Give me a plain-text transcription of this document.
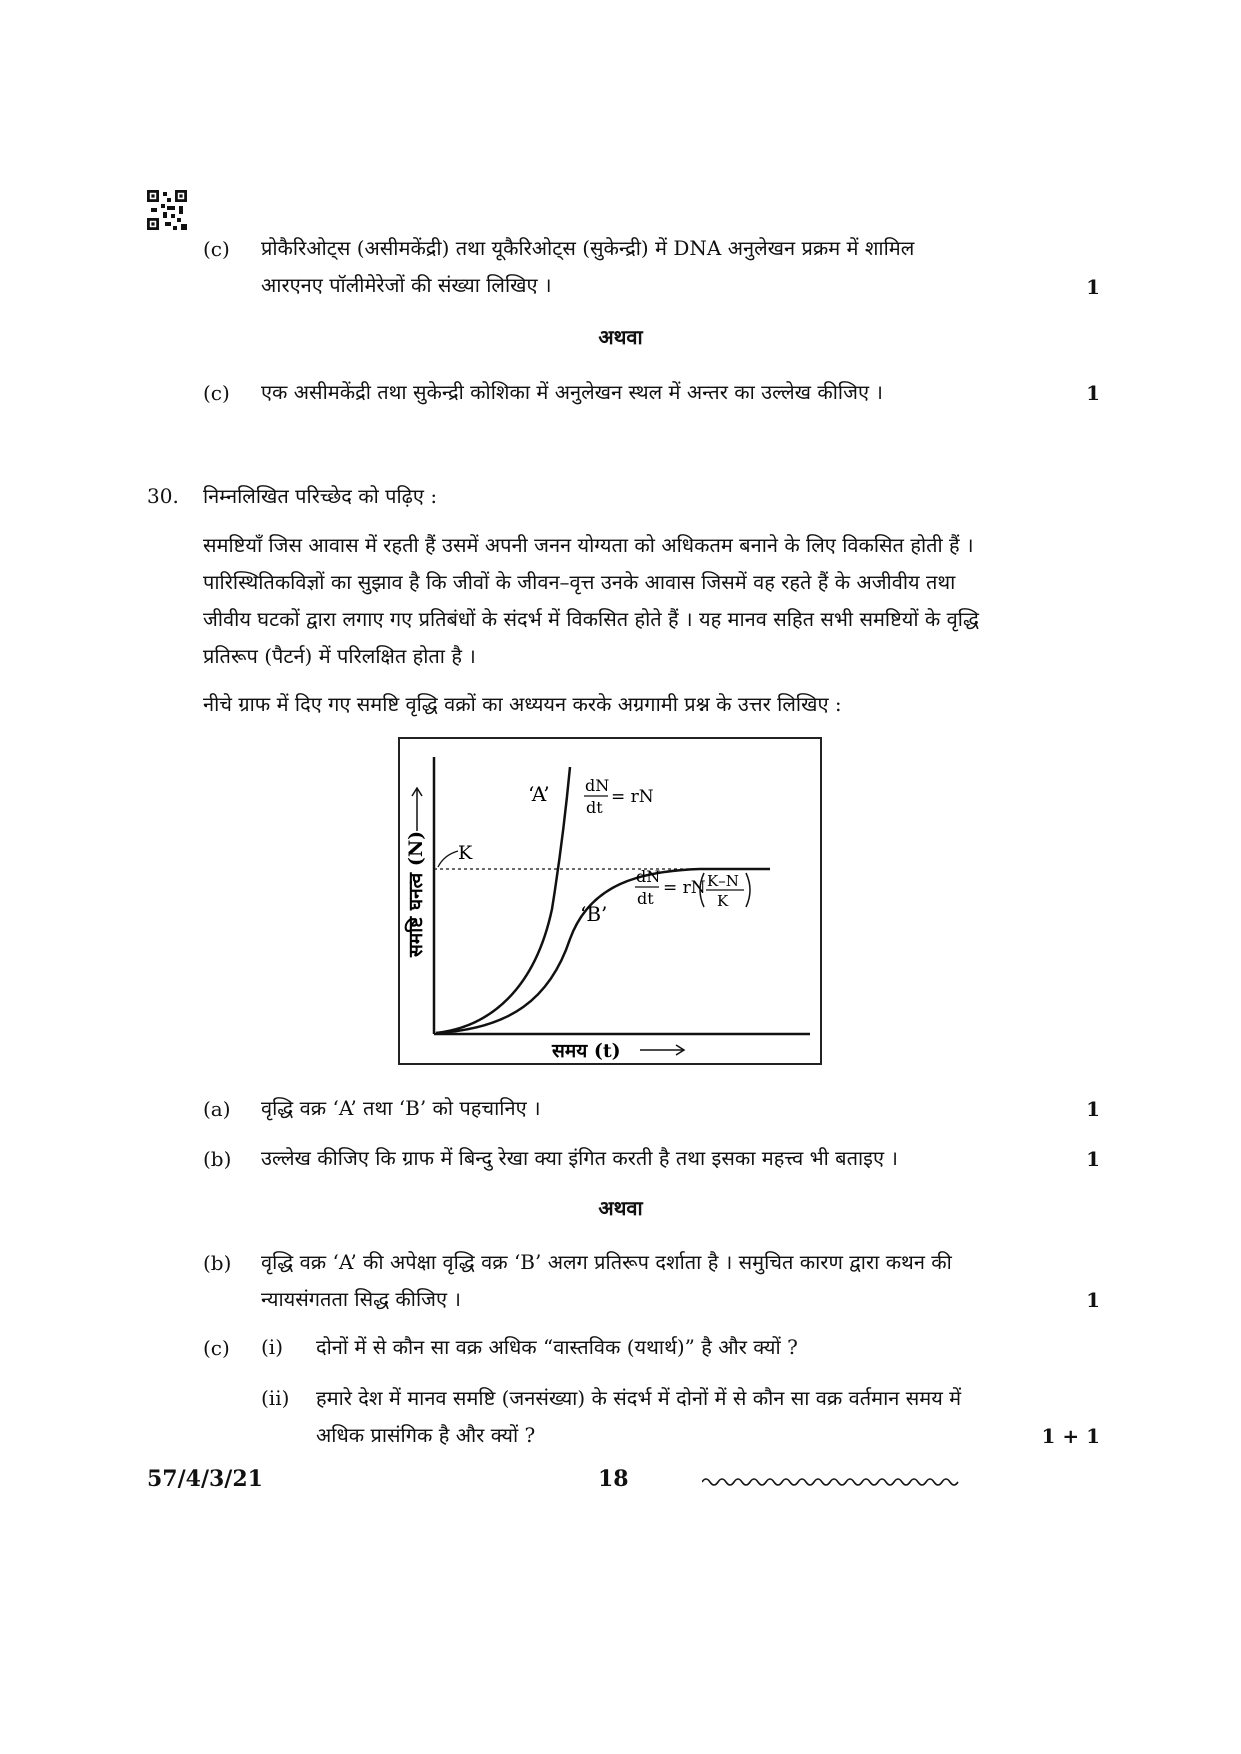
(c) प्रोकैरिओट्स (असीमकेंद्री) तथा यूकैरिओट्स (सुकेन्द्री) में DNA अनुलेखन प्रक्रम में शामिल
आरएनए पॉलीमेरेजों की संख्या लिखिए ।	1
अथवा
(c) एक असीमकेंद्री तथा सुकेन्द्री कोशिका में अनुलेखन स्थल में अन्तर का उल्लेख कीजिए ।	1
30. निम्नलिखित परिच्छेद को पढ़िए :
समष्टियाँ जिस आवास में रहती हैं उसमें अपनी जनन योग्यता को अधिकतम बनाने के लिए विकसित होती हैं ।
पारिस्थितिकविज्ञों का सुझाव है कि जीवों के जीवन–वृत्त उनके आवास जिसमें वह रहते हैं के अजीवीय तथा
जीवीय घटकों द्वारा लगाए गए प्रतिबंधों के संदर्भ में विकसित होते हैं । यह मानव सहित सभी समष्टियों के वृद्धि
प्रतिरूप (पैटर्न) में परिलक्षित होता है ।
नीचे ग्राफ में दिए गए समष्टि वृद्धि वक्रों का अध्ययन करके अग्रगामी प्रश्न के उत्तर लिखिए :
K
‘A’ dN
dt
= rN
‘B’
dN
dt
= rN K–N
K
समय (t)
समष्टि घनत्व (N)
(a) वृद्धि वक्र ‘A’ तथा ‘B’ को पहचानिए ।	1
(b) उल्लेख कीजिए कि ग्राफ में बिन्दु रेखा क्या इंगित करती है तथा इसका महत्त्व भी बताइए ।	1
अथवा
(b) वृद्धि वक्र ‘A’ की अपेक्षा वृद्धि वक्र ‘B’ अलग प्रतिरूप दर्शाता है । समुचित कारण द्वारा कथन की
न्यायसंगतता सिद्ध कीजिए ।	1
(c) (i) दोनों में से कौन सा वक्र अधिक “वास्तविक (यथार्थ)” है और क्यों ?
(ii) हमारे देश में मानव समष्टि (जनसंख्या) के संदर्भ में दोनों में से कौन सा वक्र वर्तमान समय में
अधिक प्रासंगिक है और क्यों ?	1 + 1
57/4/3/21	18
